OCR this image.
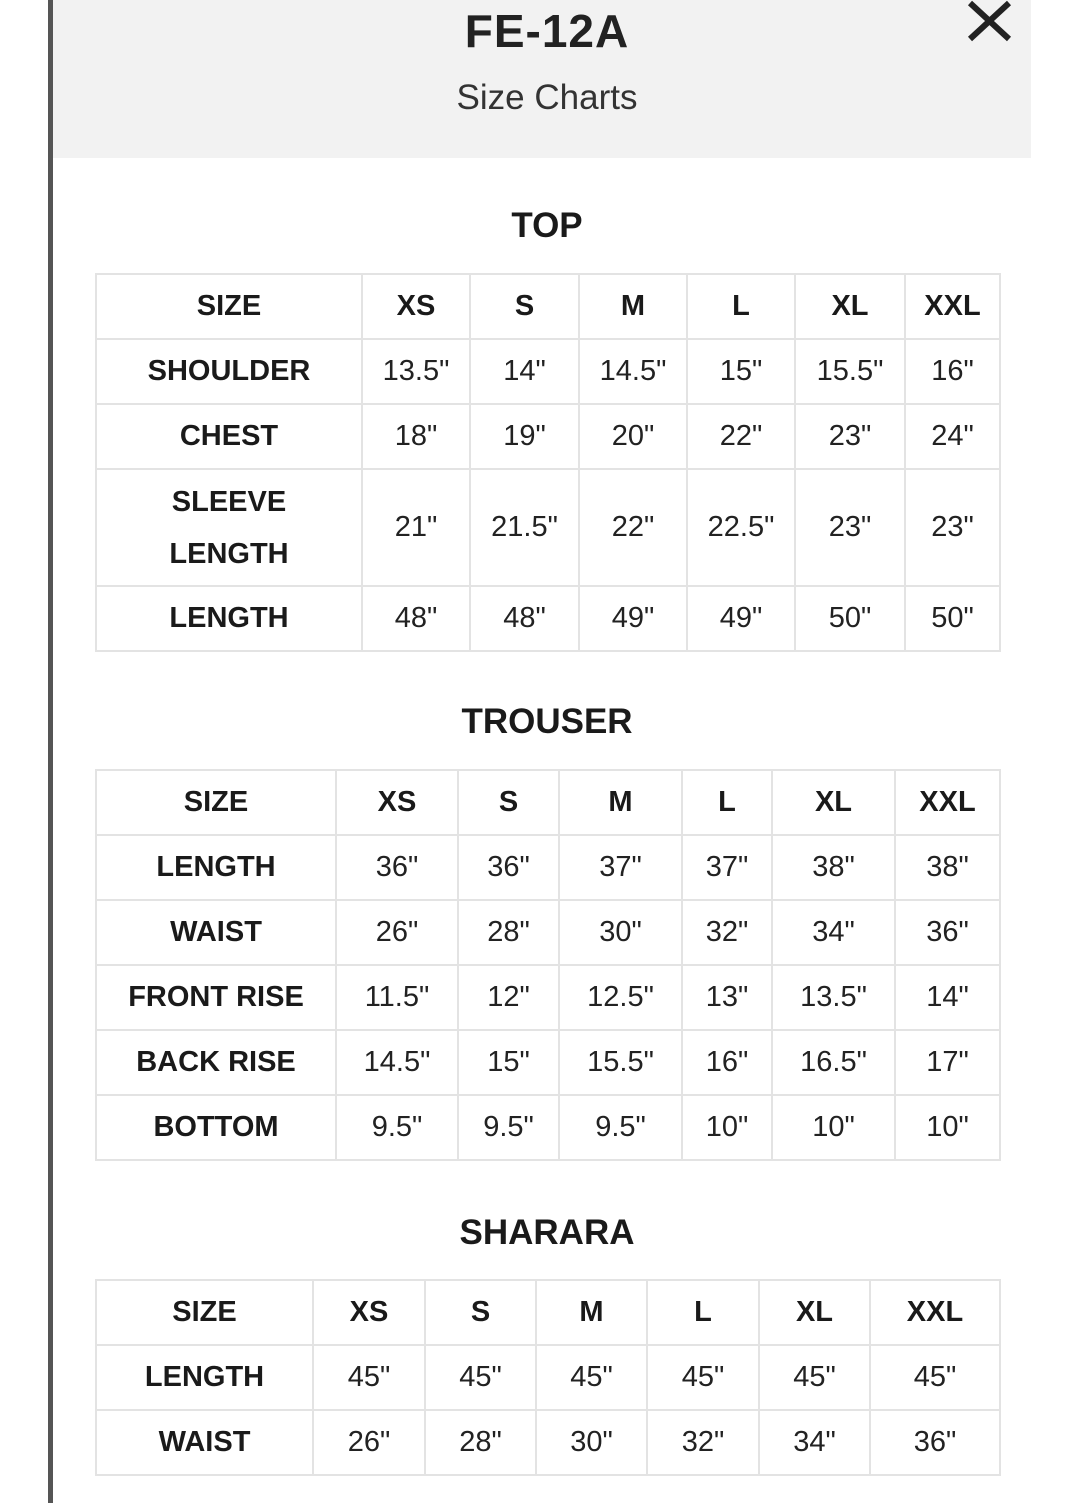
FE-12A
Size Charts
TOP
SIZE	XS	S	M	L	XL	XXL
SHOULDER	13.5"	14"	14.5"	15"	15.5"	16"
CHEST	18"	19"	20"	22"	23"	24"

SLEEVE
LENGTH	21"	21.5"	22"	22.5"	23"	23"
LENGTH	48"	48"	49"	49"	50"	50"
TROUSER
SIZE	XS	S	M	L	XL	XXL
LENGTH	36"	36"	37"	37"	38"	38"
WAIST	26"	28"	30"	32"	34"	36"
FRONT RISE	11.5"	12"	12.5"	13"	13.5"	14"
BACK RISE	14.5"	15"	15.5"	16"	16.5"	17"
BOTTOM	9.5"	9.5"	9.5"	10"	10"	10"
SHARARA
SIZE	XS	S	M	L	XL	XXL
LENGTH	45"	45"	45"	45"	45"	45"
WAIST	26"	28"	30"	32"	34"	36"
